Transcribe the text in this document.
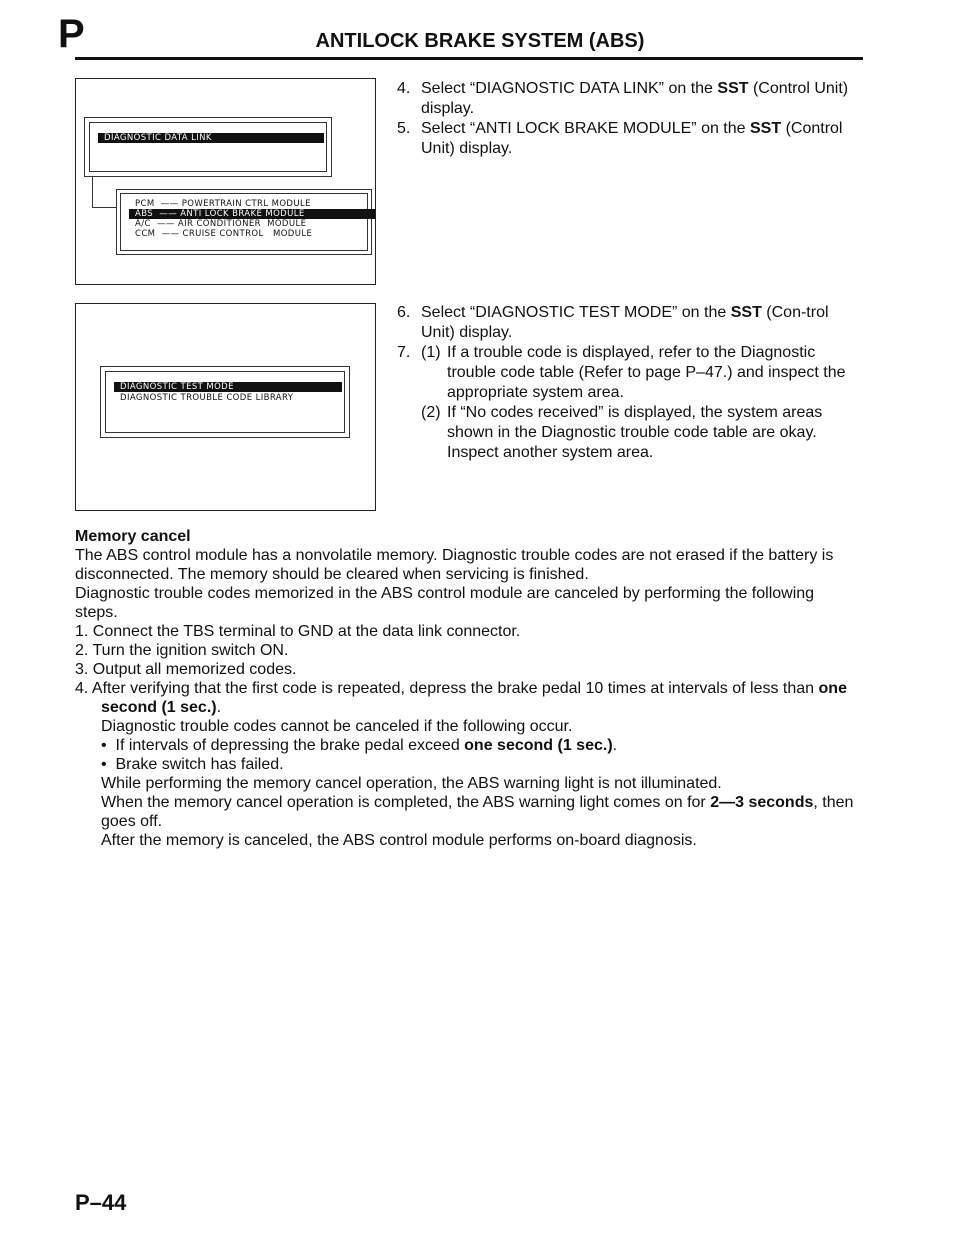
P	ANTILOCK BRAKE SYSTEM (ABS)
DIAGNOSTIC DATA LINK
PCM  —— POWERTRAIN CTRL MODULE
ABS  —— ANTI LOCK BRAKE MODULE
A/C  —— AIR CONDITIONER  MODULE
CCM  —— CRUISE CONTROL   MODULE
4. Select “DIAGNOSTIC DATA LINK” on the SST (Control Unit) display.
5. Select “ANTI LOCK BRAKE MODULE” on the SST (Control Unit) display.
DIAGNOSTIC TEST MODE
DIAGNOSTIC TROUBLE CODE LIBRARY
6. Select “DIAGNOSTIC TEST MODE” on the SST (Con-trol Unit) display.
7. (1) If a trouble code is displayed, refer to the Diagnostic trouble code table (Refer to page P–47.) and inspect the appropriate system area.
(2) If “No codes received” is displayed, the system areas shown in the Diagnostic trouble code table are okay. Inspect another system area.

Memory cancel

The ABS control module has a nonvolatile memory. Diagnostic trouble codes are not erased if the battery is disconnected. The memory should be cleared when servicing is finished.

Diagnostic trouble codes memorized in the ABS control module are canceled by performing the following steps.

1. Connect the TBS terminal to GND at the data link connector.

2. Turn the ignition switch ON.

3. Output all memorized codes.

4. After verifying that the first code is repeated, depress the brake pedal 10 times at intervals of less than one second (1 sec.).

Diagnostic trouble codes cannot be canceled if the following occur.

•  If intervals of depressing the brake pedal exceed one second (1 sec.).

•  Brake switch has failed.

While performing the memory cancel operation, the ABS warning light is not illuminated.

When the memory cancel operation is completed, the ABS warning light comes on for 2—3 seconds, then goes off.

After the memory is canceled, the ABS control module performs on-board diagnosis.

P–44
